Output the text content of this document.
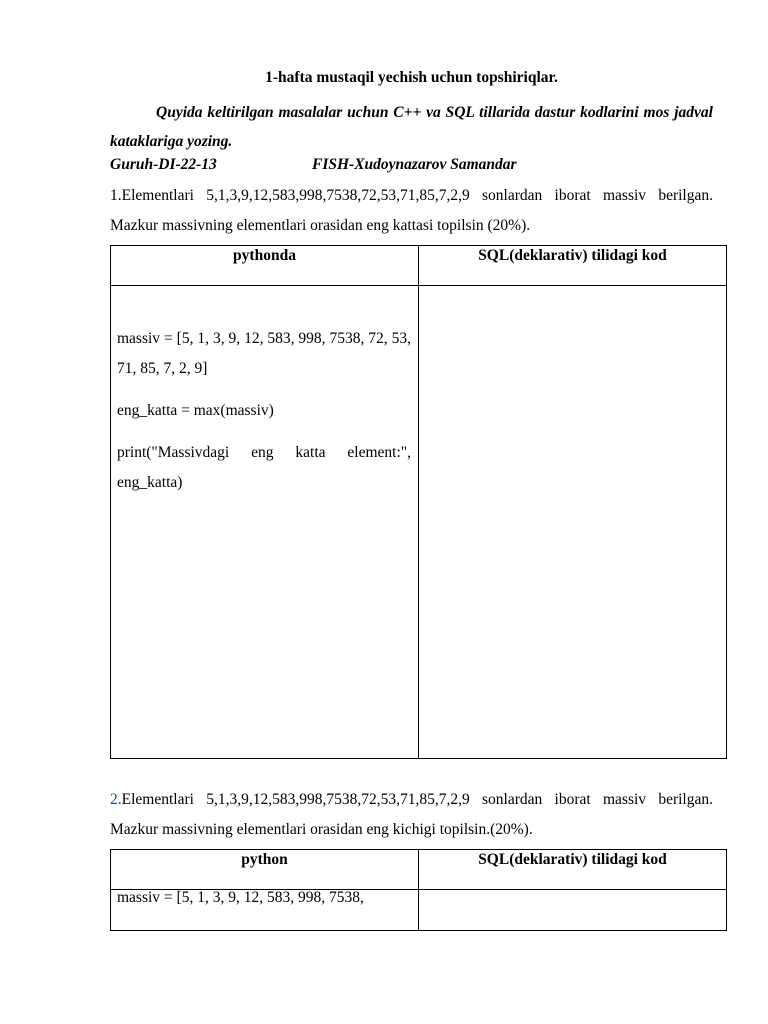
1-hafta mustaqil yechish uchun topshiriqlar.
Quyida keltirilgan masalalar uchun C++ va SQL tillarida dastur kodlarini mos jadval kataklariga yozing.
Guruh-DI-22-13	FISH-Xudoynazarov Samandar
1.Elementlari 5,1,3,9,12,583,998,7538,72,53,71,85,7,2,9 sonlardan iborat massiv berilgan. Mazkur massivning elementlari orasidan eng kattasi topilsin (20%).
pythonda	SQL(deklarativ) tilidagi kod

massiv = [5, 1, 3, 9, 12, 583, 998, 7538, 72, 53, 71, 85, 7, 2, 9]

eng_katta = max(massiv)

print("Massivdagi eng katta element:", eng_katta)	

2.Elementlari 5,1,3,9,12,583,998,7538,72,53,71,85,7,2,9 sonlardan iborat massiv berilgan. Mazkur massivning elementlari orasidan eng kichigi topilsin.(20%).
python	SQL(deklarativ) tilidagi kod
massiv = [5, 1, 3, 9, 12, 583, 998, 7538,	
